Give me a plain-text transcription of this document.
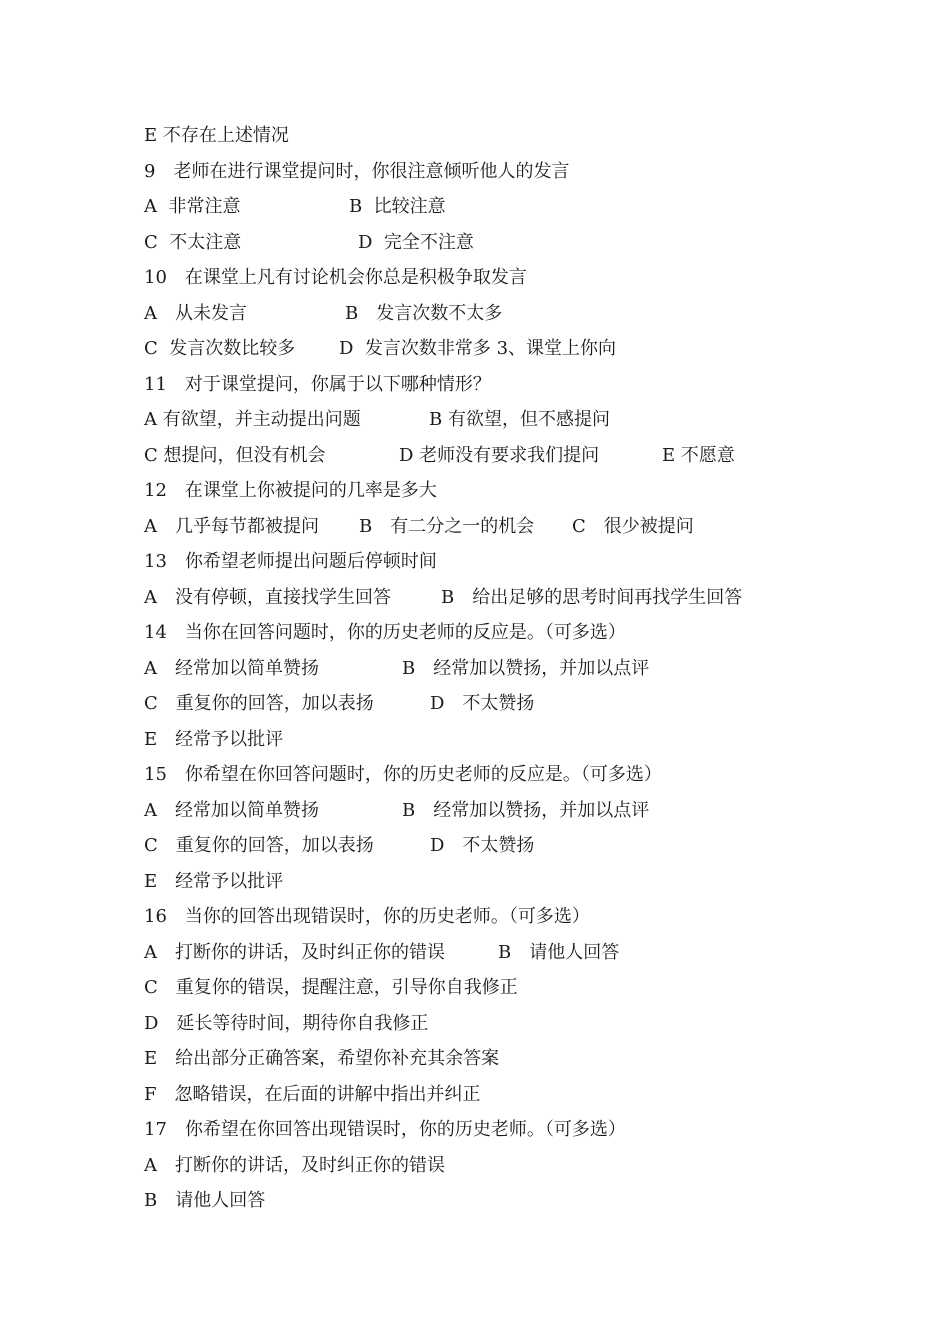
E 不存在上述情况

9　老师在进行课堂提问时，你很注意倾听他人的发言

A  非常注意

	B  比较注意

C  不太注意

	D  完全不注意

10　在课堂上凡有讨论机会你总是积极争取发言

A　从未发言

	B　发言次数不太多

C  发言次数比较多

D  发言次数非常多 3、课堂上你向

11　对于课堂提问，你属于以下哪种情形？

A 有欲望，并主动提出问题

	B 有欲望，但不感提问

C 想提问，但没有机会

	D 老师没有要求我们提问

	E 不愿意

12　在课堂上你被提问的几率是多大

A　几乎每节都被提问

B　有二分之一的机会

C　很少被提问

13　你希望老师提出问题后停顿时间

A　没有停顿，直接找学生回答

	B　给出足够的思考时间再找学生回答

14　当你在回答问题时，你的历史老师的反应是。（可多选）

A　经常加以简单赞扬

	B　经常加以赞扬，并加以点评

C　重复你的回答，加以表扬

	D　不太赞扬

E　经常予以批评

15　你希望在你回答问题时，你的历史老师的反应是。（可多选）

A　经常加以简单赞扬

	B　经常加以赞扬，并加以点评

C　重复你的回答，加以表扬

	D　不太赞扬

E　经常予以批评

16　当你的回答出现错误时，你的历史老师。（可多选）

A　打断你的讲话，及时纠正你的错误

	B　请他人回答

C　重复你的错误，提醒注意，引导你自我修正

D　延长等待时间，期待你自我修正

E　给出部分正确答案，希望你补充其余答案

F　忽略错误，在后面的讲解中指出并纠正

17　你希望在你回答出现错误时，你的历史老师。（可多选）

A　打断你的讲话，及时纠正你的错误

B　请他人回答
